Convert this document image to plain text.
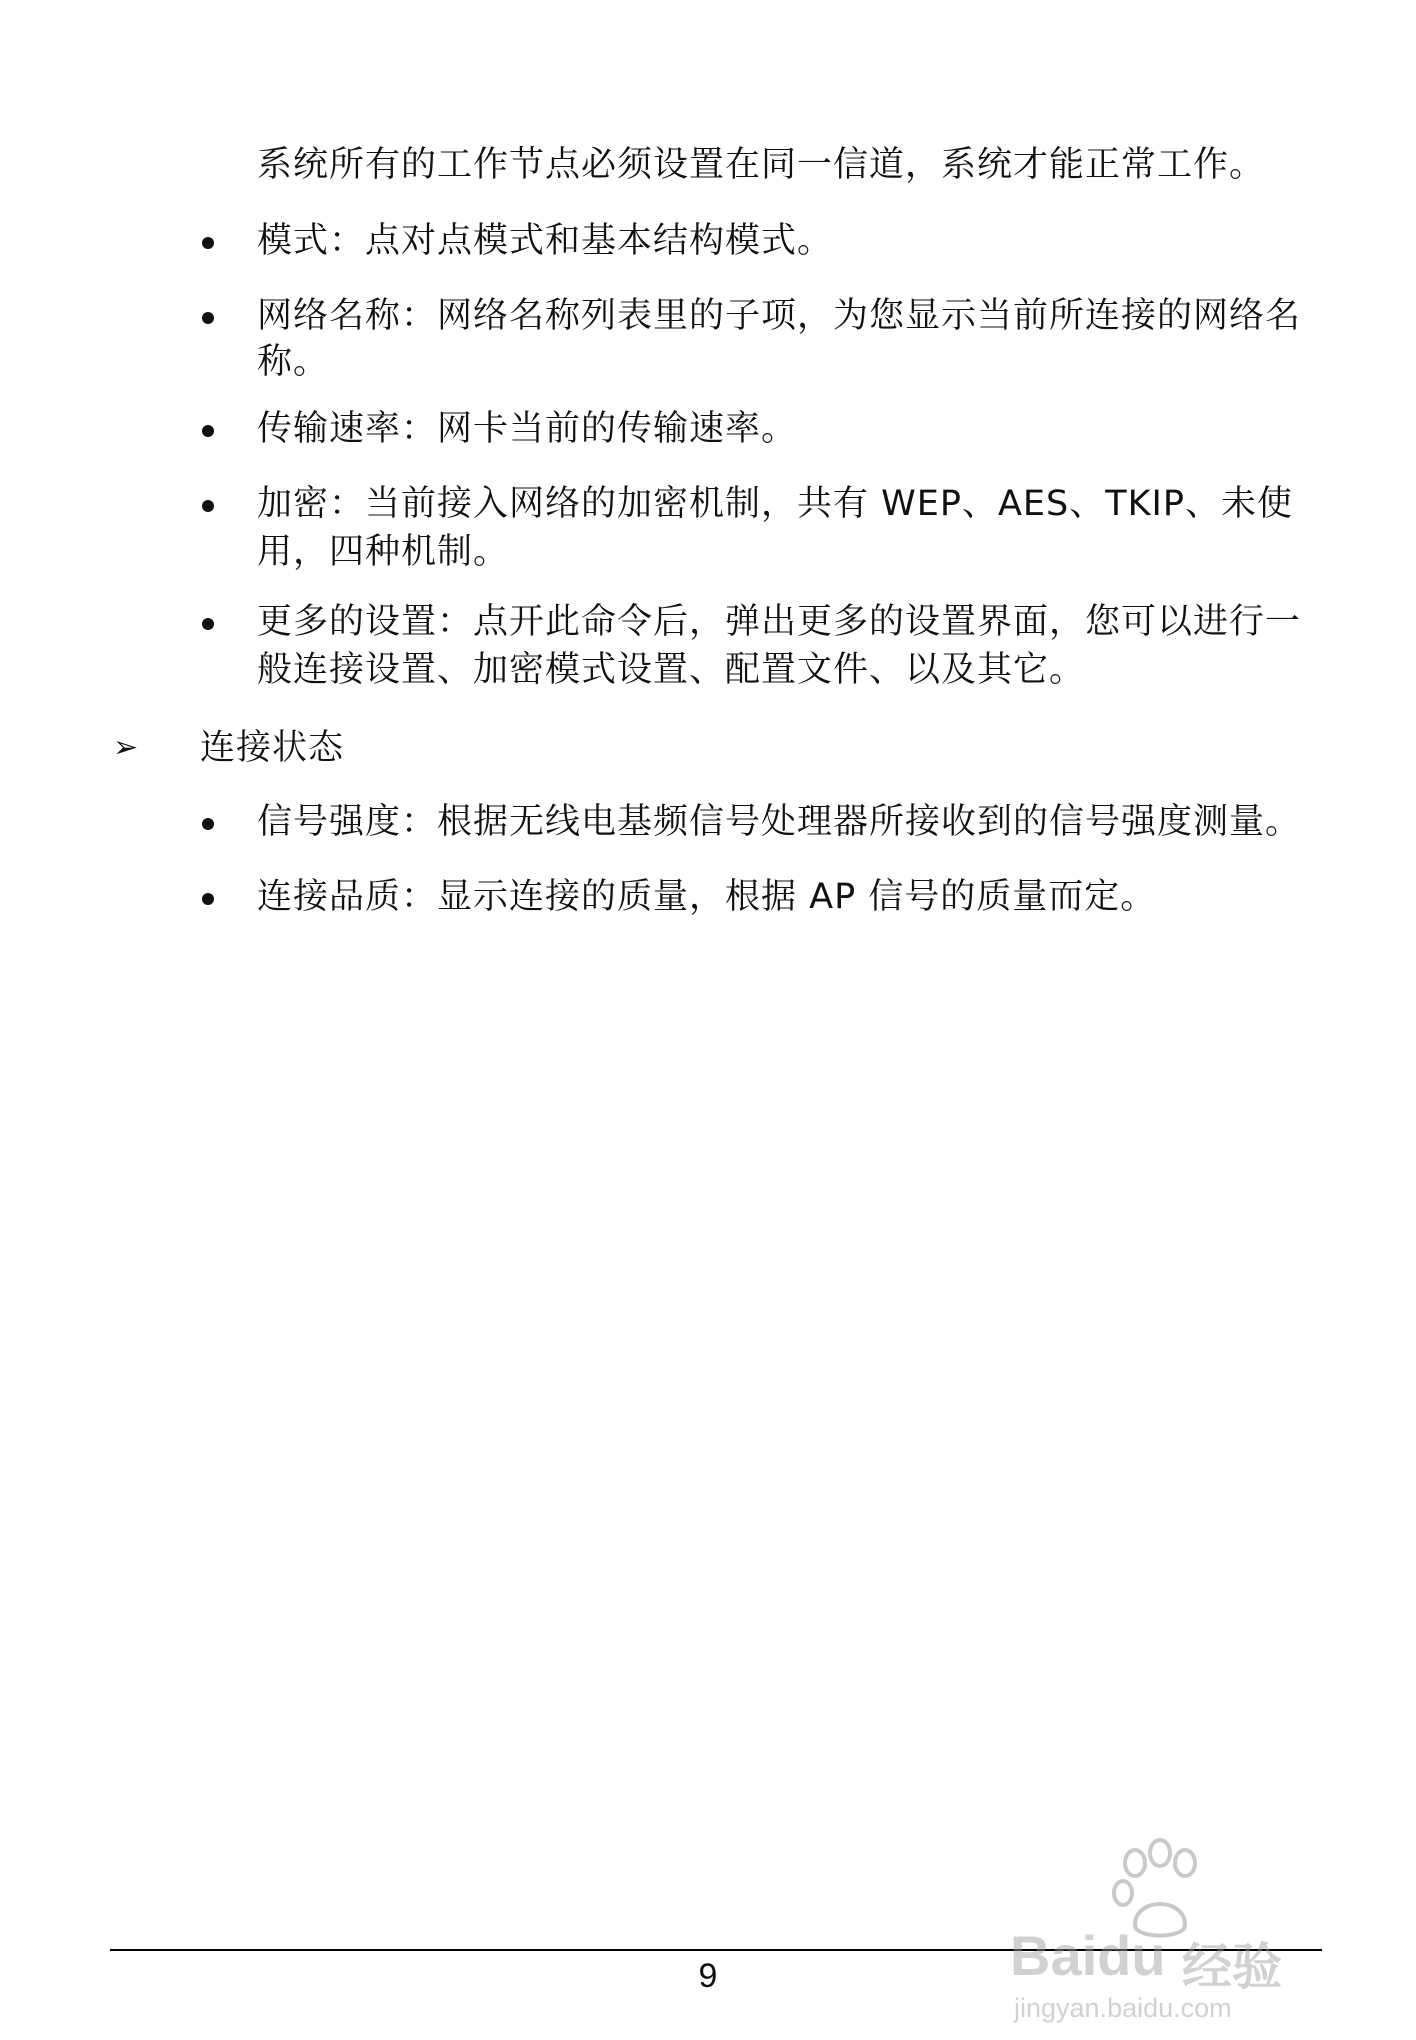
系统所有的工作节点必须设置在同一信道，系统才能正常工作。
模式：点对点模式和基本结构模式。
网络名称：网络名称列表里的子项，为您显示当前所连接的网络名
称。
传输速率：网卡当前的传输速率。
加密：当前接入网络的加密机制，共有 WEP、AES、TKIP、未使
用，四种机制。
更多的设置：点开此命令后，弹出更多的设置界面，您可以进行一
般连接设置、加密模式设置、配置文件、以及其它。
➢ 连接状态
信号强度：根据无线电基频信号处理器所接收到的信号强度测量。
连接品质：显示连接的质量，根据 AP 信号的质量而定。
9	Baidu 经验
jingyan.baidu.com
